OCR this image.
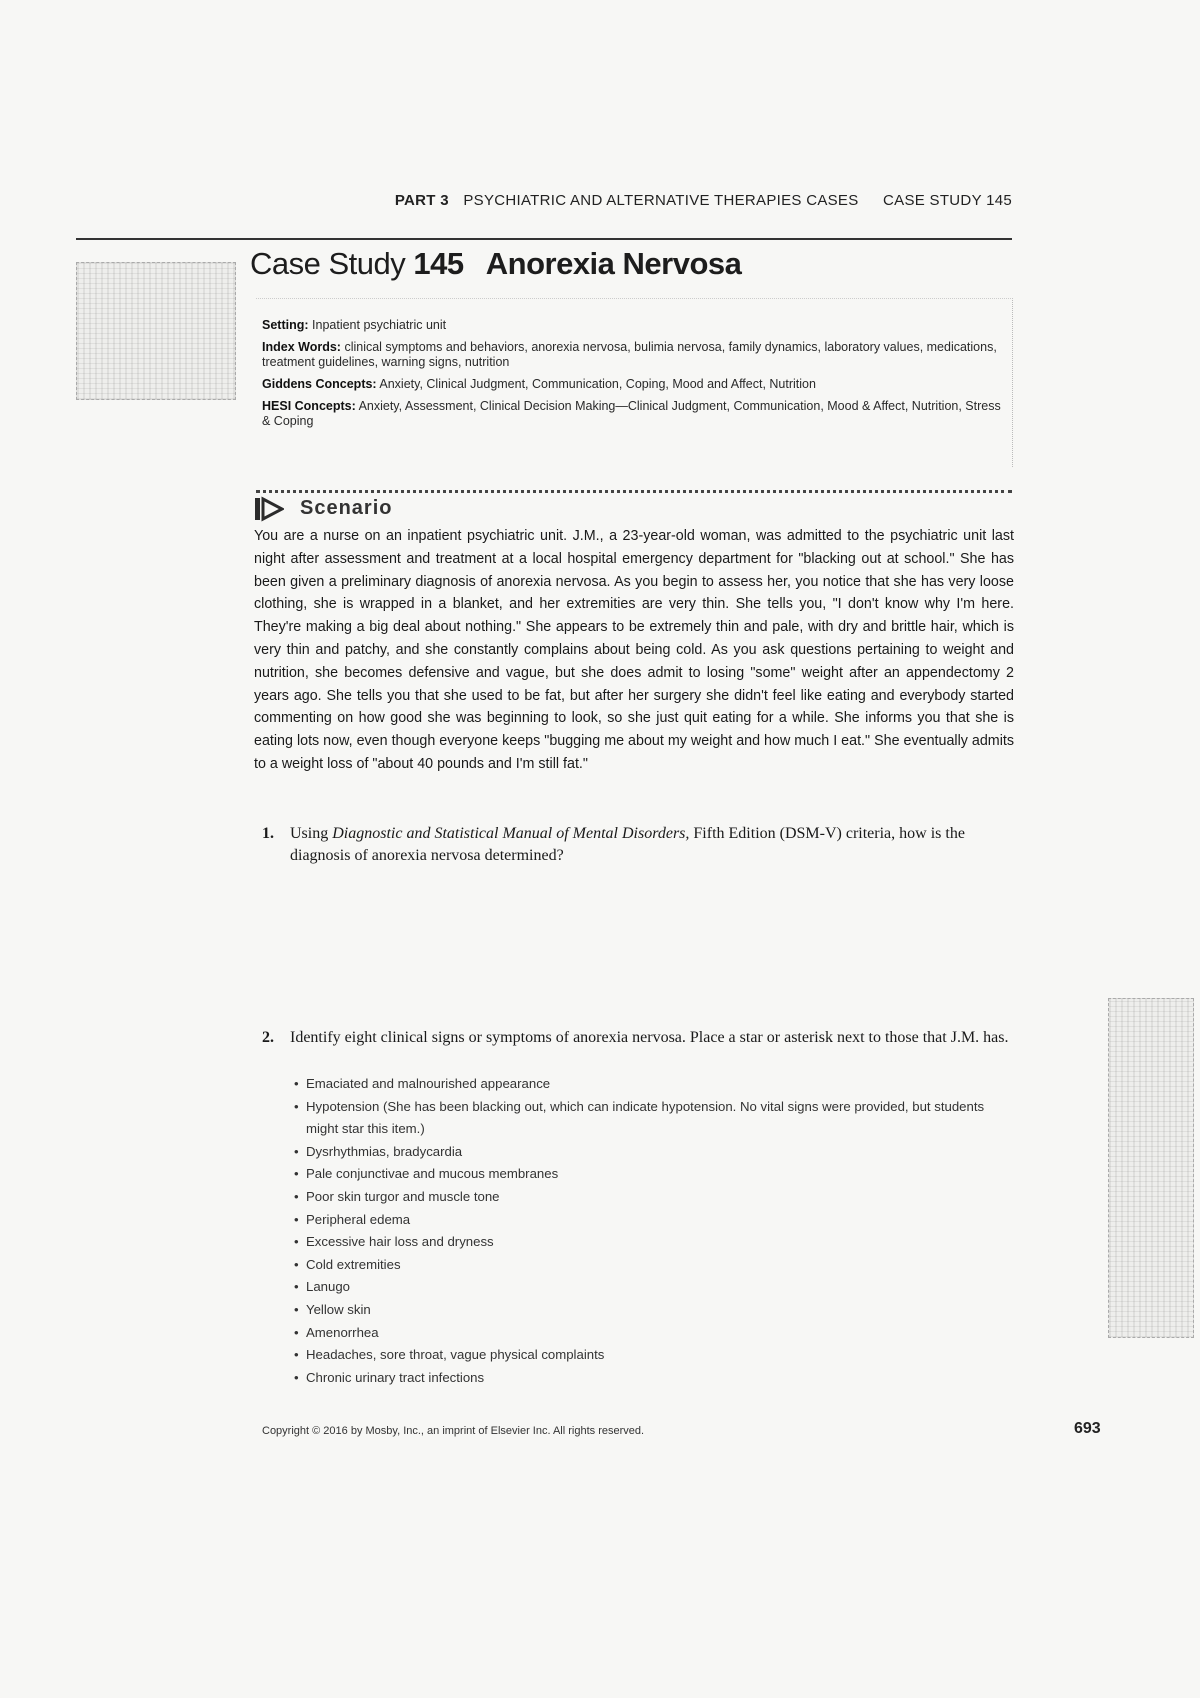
PART 3 PSYCHIATRIC AND ALTERNATIVE THERAPIES CASES CASE STUDY 145
Case Study 145 Anorexia Nervosa
Setting: Inpatient psychiatric unit
Index Words: clinical symptoms and behaviors, anorexia nervosa, bulimia nervosa, family dynamics, laboratory values, medications, treatment guidelines, warning signs, nutrition
Giddens Concepts: Anxiety, Clinical Judgment, Communication, Coping, Mood and Affect, Nutrition
HESI Concepts: Anxiety, Assessment, Clinical Decision Making—Clinical Judgment, Communication, Mood & Affect, Nutrition, Stress & Coping
Scenario
You are a nurse on an inpatient psychiatric unit. J.M., a 23-year-old woman, was admitted to the psychiatric unit last night after assessment and treatment at a local hospital emergency department for "blacking out at school." She has been given a preliminary diagnosis of anorexia nervosa. As you begin to assess her, you notice that she has very loose clothing, she is wrapped in a blanket, and her extremities are very thin. She tells you, "I don't know why I'm here. They're making a big deal about nothing." She appears to be extremely thin and pale, with dry and brittle hair, which is very thin and patchy, and she constantly complains about being cold. As you ask questions pertaining to weight and nutrition, she becomes defensive and vague, but she does admit to losing "some" weight after an appendectomy 2 years ago. She tells you that she used to be fat, but after her surgery she didn't feel like eating and everybody started commenting on how good she was beginning to look, so she just quit eating for a while. She informs you that she is eating lots now, even though everyone keeps "bugging me about my weight and how much I eat." She eventually admits to a weight loss of "about 40 pounds and I'm still fat."
1. Using Diagnostic and Statistical Manual of Mental Disorders, Fifth Edition (DSM-V) criteria, how is the diagnosis of anorexia nervosa determined?
2. Identify eight clinical signs or symptoms of anorexia nervosa. Place a star or asterisk next to those that J.M. has.
• Emaciated and malnourished appearance
• Hypotension (She has been blacking out, which can indicate hypotension. No vital signs were provided, but students might star this item.)
• Dysrhythmias, bradycardia
• Pale conjunctivae and mucous membranes
• Poor skin turgor and muscle tone
• Peripheral edema
• Excessive hair loss and dryness
• Cold extremities
• Lanugo
• Yellow skin
• Amenorrhea
• Headaches, sore throat, vague physical complaints
• Chronic urinary tract infections
Copyright © 2016 by Mosby, Inc., an imprint of Elsevier Inc. All rights reserved.	693
